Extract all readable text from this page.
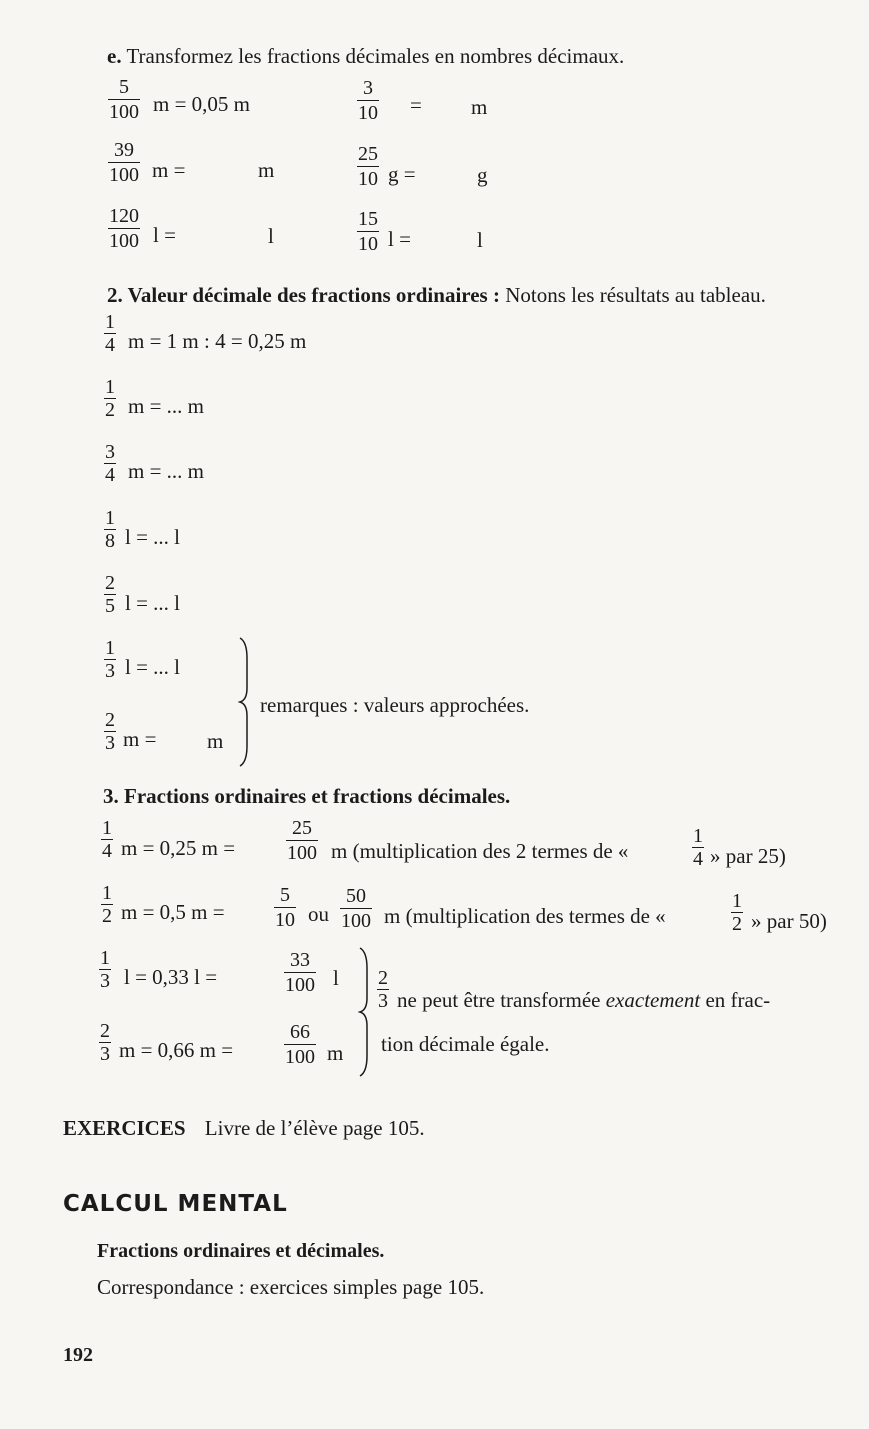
e. Transformez les fractions décimales en nombres décimaux.
$\frac{5}{100}$ m = 0,05 m	$\frac{3}{10} = m$
$\frac{39}{100}$ m =	m	$\frac{25}{10}$ g =	g
$\frac{120}{100}$ l =	l	$\frac{15}{10}$ l =	l
2. Valeur décimale des fractions ordinaires : Notons les résultats au tableau.
$\frac{1}{4}$ m = 1 m : 4 = 0,25 m
$\frac{1}{2}$ m = ... m
$\frac{3}{4}$ m = ... m
$\frac{1}{8}$ l = ... l
$\frac{2}{5}$ l = ... l
$\frac{1}{3}$ l = ... l
$\frac{2}{3}$ m = m
remarques : valeurs approchées.
3. Fractions ordinaires et fractions décimales.
$\frac{1}{4}$ m = 0,25 m =	$\frac{25}{100}$ m (multiplication des 2 termes de «	$\frac{1}{4}$ » par 25)
$\frac{1}{2}$ m = 0,5 $m = \frac{5}{10}$ ou $\frac{50}{100}$ m (multiplication des termes de «	$\frac{1}{2}$ » par 50)
$\frac{1}{3}$ l = 0,33 l =	$\frac{33}{100}$ l
$\frac{2}{3}$ m = 0,66 m =	$\frac{66}{100}$ m
$\frac{2}{3}$ ne peut être transformée exactement en frac-
tion décimale égale.
EXERCICES Livre de l’élève page 105.
CALCUL MENTAL
Fractions ordinaires et décimales.
Correspondance : exercices simples page 105.
192
